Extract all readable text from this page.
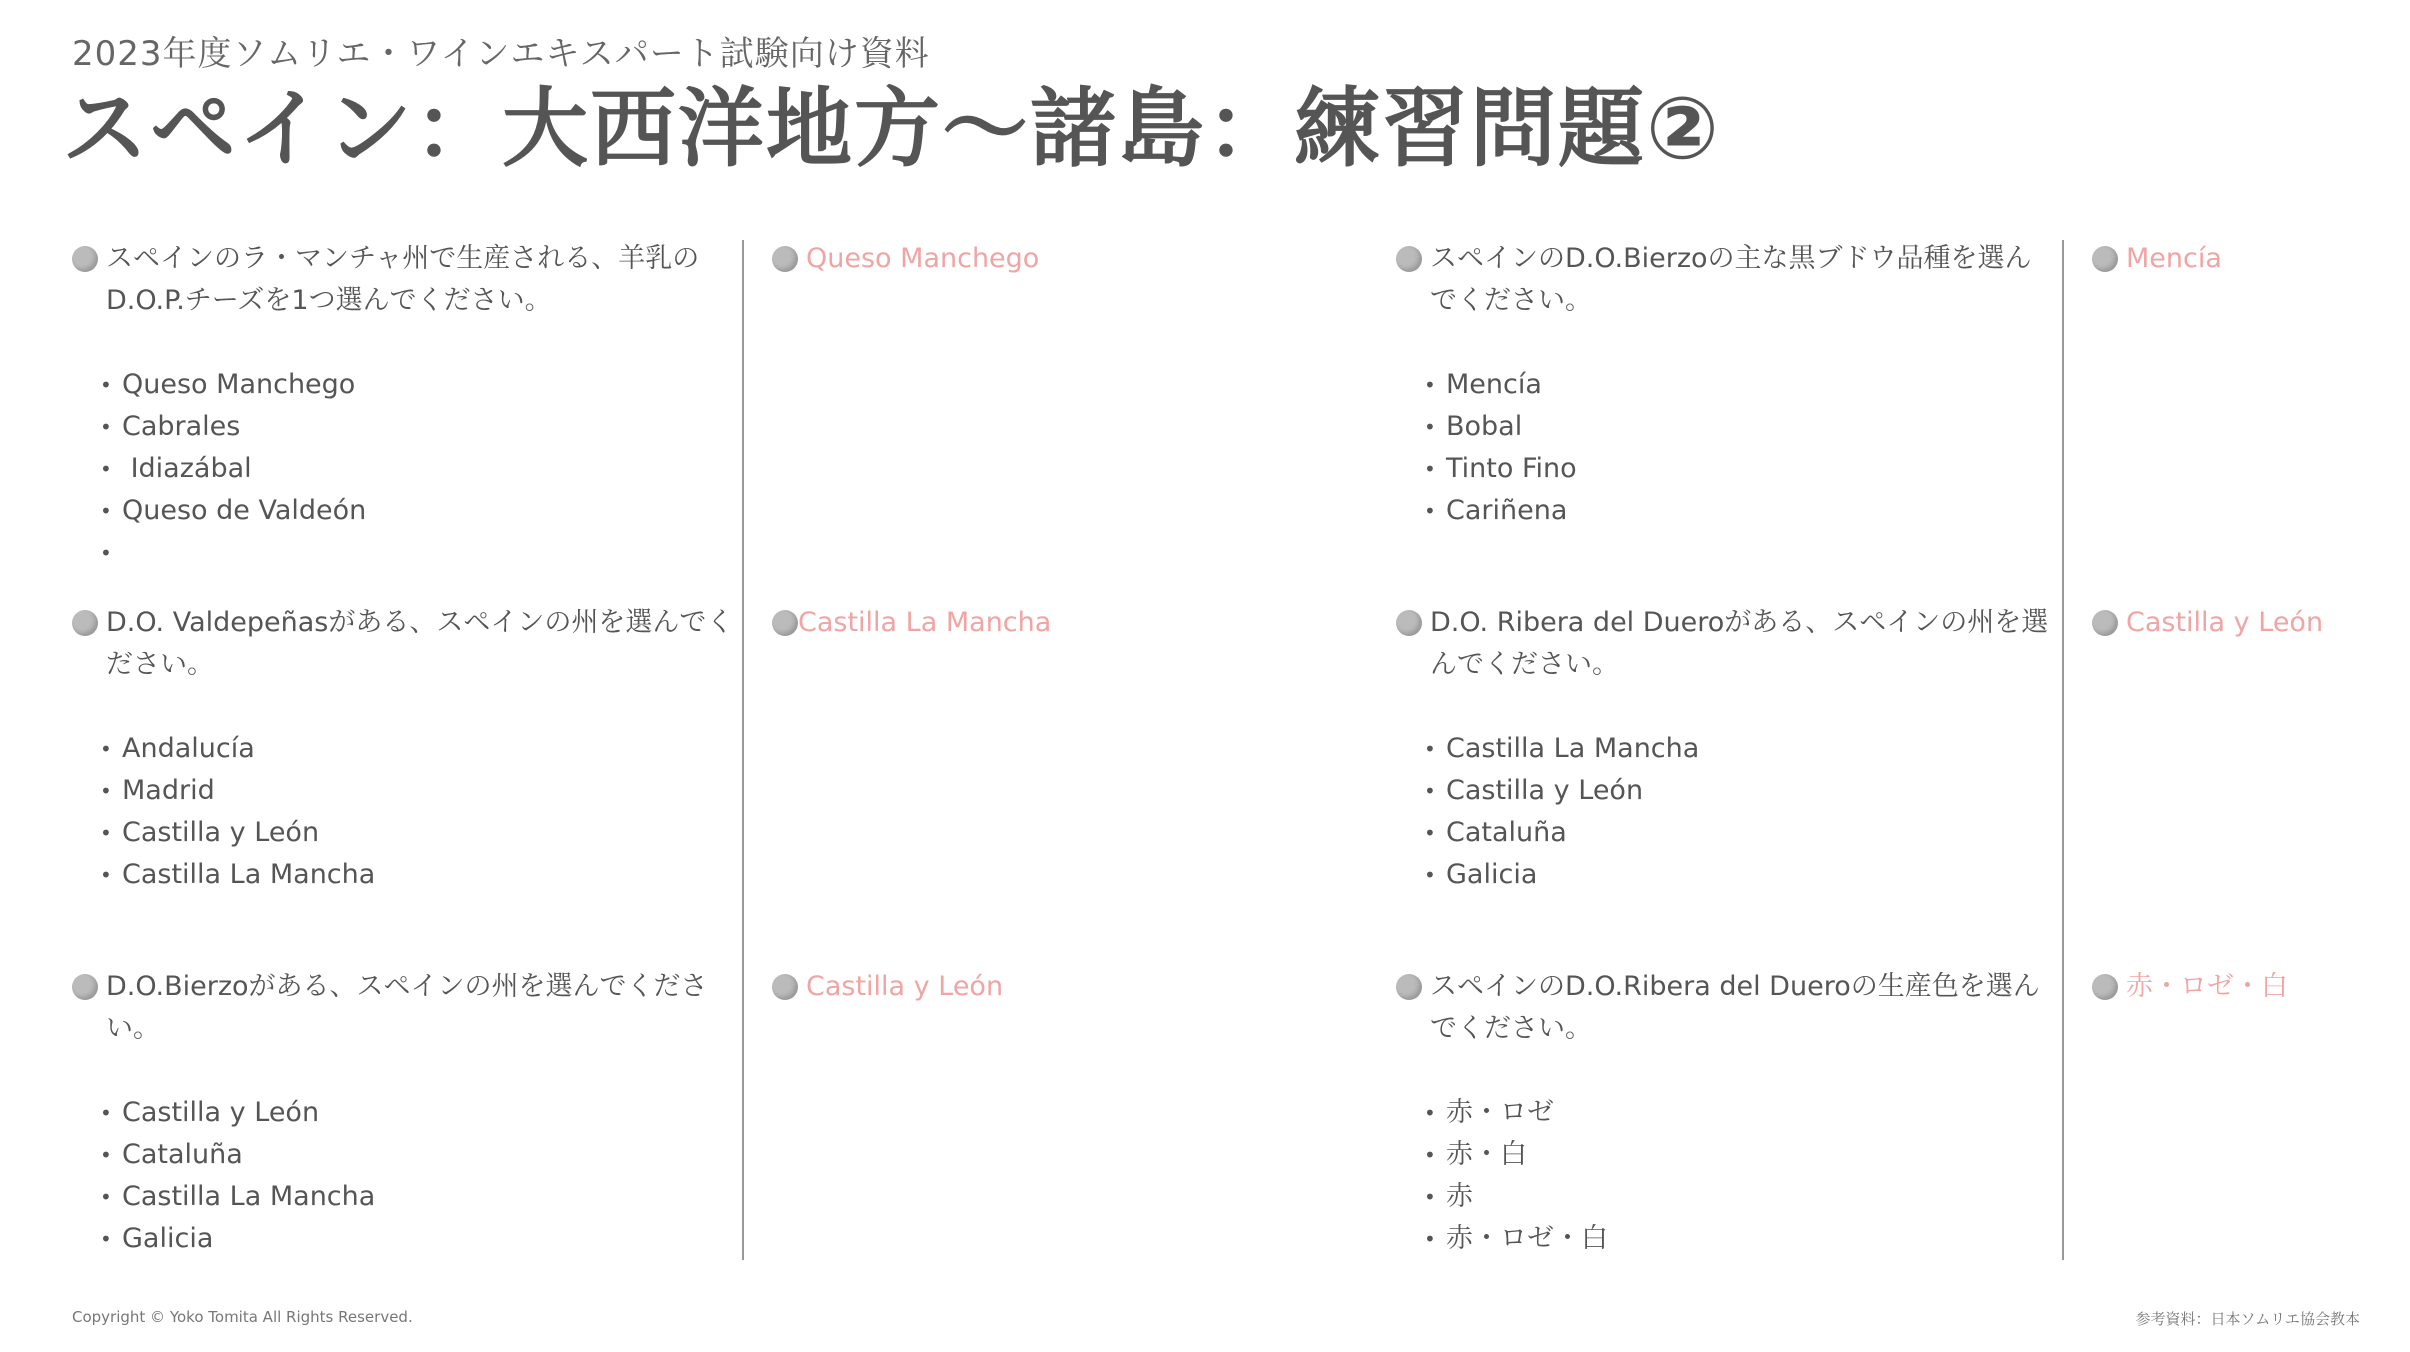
2023年度ソムリエ・ワインエキスパート試験向け資料
スペイン：大西洋地方～諸島：練習問題②
スペインのラ・マンチャ州で生産される、羊乳のD.O.P.チーズを1つ選んでください。
• Queso Manchego
• Cabrales
•  Idiazábal
• Queso de Valdeón
•
D.O. Valdepeñasがある、スペインの州を選んでください。
• Andalucía
• Madrid
• Castilla y León
• Castilla La Mancha
D.O.Bierzoがある、スペインの州を選んでください。
• Castilla y León
• Cataluña
• Castilla La Mancha
• Galicia
Queso Manchego
Castilla La Mancha
Castilla y León
スペインのD.O.Bierzoの主な黒ブドウ品種を選んでください。
• Mencía
• Bobal
• Tinto Fino
• Cariñena
D.O. Ribera del Dueroがある、スペインの州を選んでください。
• Castilla La Mancha
• Castilla y León
• Cataluña
• Galicia
スペインのD.O.Ribera del Dueroの生産色を選んでください。
• 赤・ロゼ
• 赤・白
• 赤
• 赤・ロゼ・白
Mencía
Castilla y León
赤・ロゼ・白
Copyright © Yoko Tomita All Rights Reserved.	参考資料：日本ソムリエ協会教本
